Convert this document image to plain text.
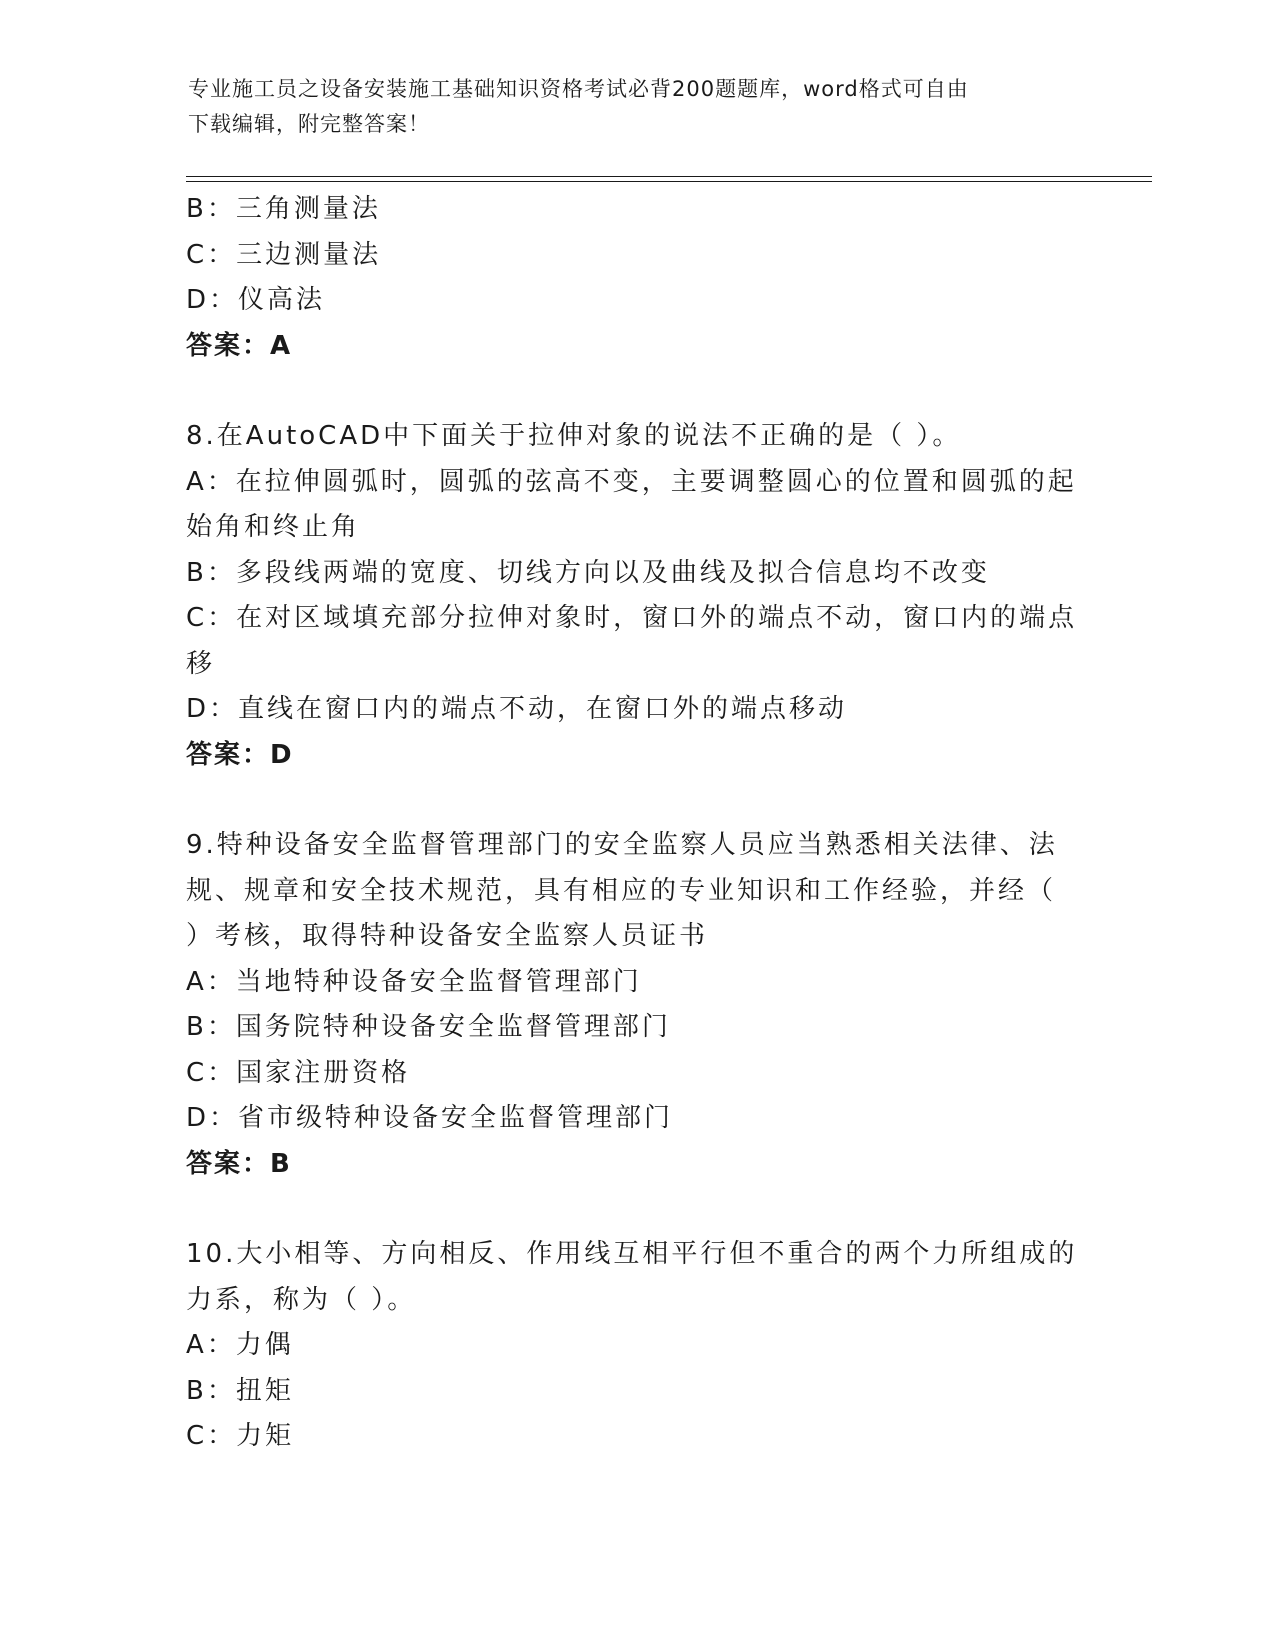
专业施工员之设备安装施工基础知识资格考试必背200题题库，word格式可自由
下载编辑，附完整答案！
B：三角测量法
C：三边测量法
D：仪高法
答案：A
8.在AutoCAD中下面关于拉伸对象的说法不正确的是（ ）。
A：在拉伸圆弧时，圆弧的弦高不变，主要调整圆心的位置和圆弧的起
始角和终止角
B：多段线两端的宽度、切线方向以及曲线及拟合信息均不改变
C：在对区域填充部分拉伸对象时，窗口外的端点不动，窗口内的端点
移
D：直线在窗口内的端点不动，在窗口外的端点移动
答案：D
9.特种设备安全监督管理部门的安全监察人员应当熟悉相关法律、法
规、规章和安全技术规范，具有相应的专业知识和工作经验，并经（
）考核，取得特种设备安全监察人员证书
A：当地特种设备安全监督管理部门
B：国务院特种设备安全监督管理部门
C：国家注册资格
D：省市级特种设备安全监督管理部门
答案：B
10.大小相等、方向相反、作用线互相平行但不重合的两个力所组成的
力系，称为（ ）。
A：力偶
B：扭矩
C：力矩
